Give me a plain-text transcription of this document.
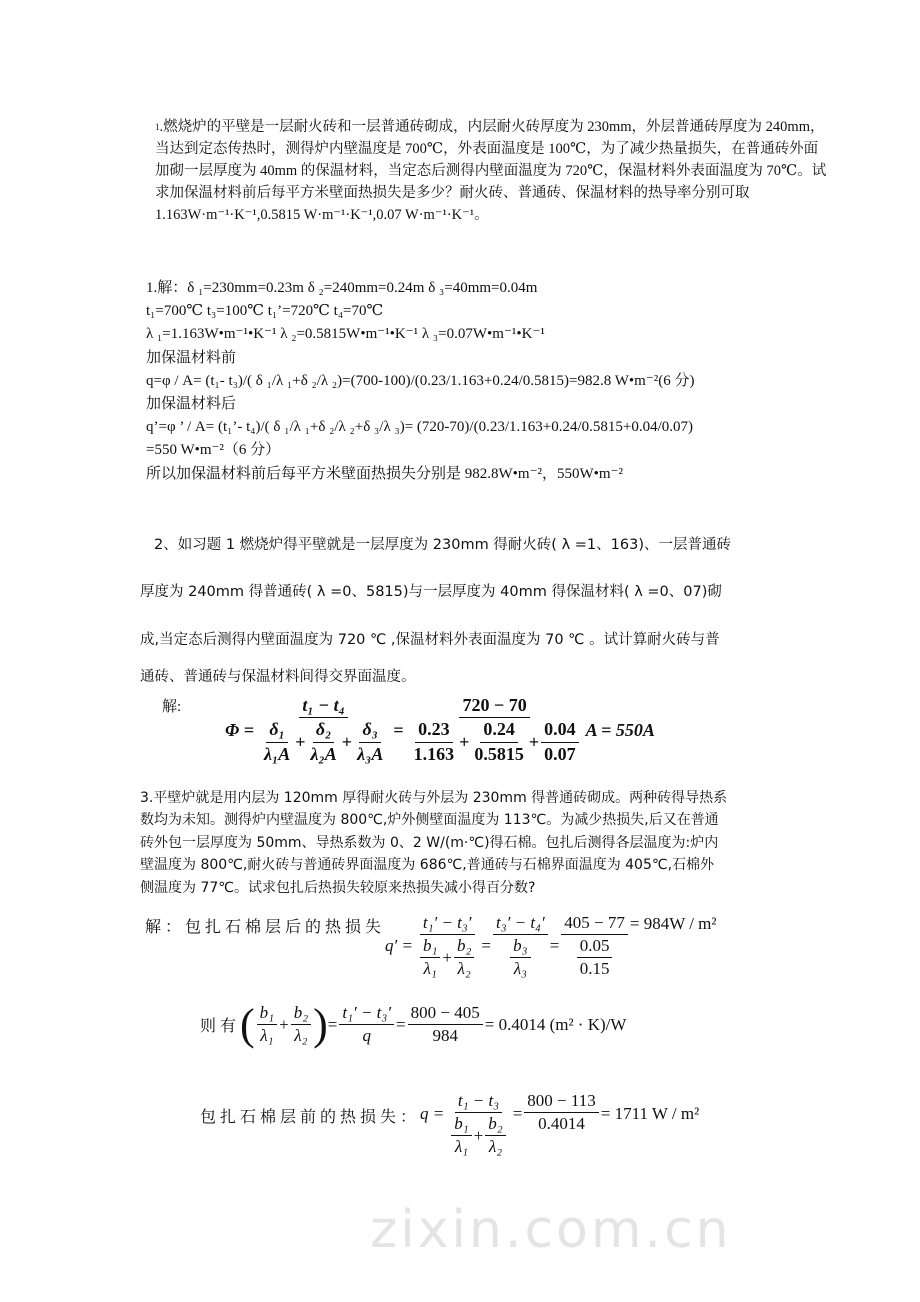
zixin.com.cn
$^1$.燃烧炉的平壁是一层耐火砖和一层普通砖砌成，内层耐火砖厚度为 230mm，外层普通砖厚度为 240mm，
当达到定态传热时，测得炉内壁温度是 700℃，外表面温度是 100℃，为了减少热量损失，在普通砖外面
加砌一层厚度为 40mm 的保温材料，当定态后测得内壁面温度为 720℃，保温材料外表面温度为 70℃。试
求加保温材料前后每平方米壁面热损失是多少？耐火砖、普通砖、保温材料的热导率分别可取
1.163W·m⁻¹·K⁻¹,0.5815 W·m⁻¹·K⁻¹,0.07 W·m⁻¹·K⁻¹。
1.解：δ ₁=230mm=0.23m δ ₂=240mm=0.24m δ ₃=40mm=0.04m
t₁=700℃ t₃=100℃ t₁’=720℃ t₄=70℃
λ ₁=1.163W•m⁻¹•K⁻¹ λ ₂=0.5815W•m⁻¹•K⁻¹ λ ₃=0.07W•m⁻¹•K⁻¹
加保温材料前
q=φ / A= (t₁- t₃)/( δ ₁/λ ₁+δ ₂/λ ₂)=(700-100)/(0.23/1.163+0.24/0.5815)=982.8 W•m⁻²(6 分)
加保温材料后
q’=φ ’ / A= (t₁’- t₄)/( δ ₁/λ ₁+δ ₂/λ ₂+δ ₃/λ ₃)= (720-70)/(0.23/1.163+0.24/0.5815+0.04/0.07)
=550 W•m⁻²（6 分）
所以加保温材料前后每平方米壁面热损失分别是 982.8W•m⁻²，550W•m⁻²
2、如习题 1 燃烧炉得平壁就是一层厚度为 230mm 得耐火砖( λ =1、163)、一层普通砖
厚度为 240mm 得普通砖( λ =0、5815)与一层厚度为 40mm 得保温材料( λ =0、07)砌
成,当定态后测得内壁面温度为 720 ℃ ,保温材料外表面温度为 70 ℃ 。试计算耐火砖与普
通砖、普通砖与保温材料间得交界面温度。
解:
$\Phi = \frac{\text{t₁ − t₄}}{\frac{\text{δ₁}}{\text{λ₁A}} + \frac{\text{δ₂}}{\text{λ₂A}} + \frac{\text{δ₃}}{\text{λ₃A}}} = \frac{720 - 70}{\frac{0.23}{1.163} + \frac{0.24}{0.5815} + \frac{0.04}{0.07}}$ A = 550A
3.平壁炉就是用内层为 120mm 厚得耐火砖与外层为 230mm 得普通砖砌成。两种砖得导热系
数均为未知。测得炉内壁温度为 800℃,炉外侧壁面温度为 113℃。为减少热损失,后又在普通
砖外包一层厚度为 50mm、导热系数为 0、2 W/(m·℃)得石棉。包扎后测得各层温度为:炉内
壁温度为 800℃,耐火砖与普通砖界面温度为 686℃,普通砖与石棉界面温度为 405℃,石棉外
侧温度为 77℃。试求包扎后热损失较原来热损失减小得百分数?
解：包扎石棉层后的热损失
$q' = \frac{\text{t₁′ − t₃′}}{\frac{\text{b₁}}{\text{λ₁}} + \frac{\text{b₂}}{\text{λ₂}}} = \frac{\text{t₃′ − t₄′}}{\frac{\text{b₃}}{\text{λ₃}}} = \frac{405 - 77}{\frac{0.05}{0.15}} = 984W / m^2$
则有 ( $\frac{\text{b₁}}{\text{λ₁}} + \frac{\text{b₂}}{\text{λ₂}}$ ) = $\frac{\text{t₁′ − t₃′}}{q} = \frac{800 - 405}{984} = 0.4014$ (m² · K)/W
包扎石棉层前的热损失： $q = \frac{\text{t₁ − t₃}}{\frac{\text{b₁}}{\text{λ₁}} + \frac{\text{b₂}}{\text{λ₂}}} = \frac{800 - 113}{0.4014} = 1711$ W / m²
